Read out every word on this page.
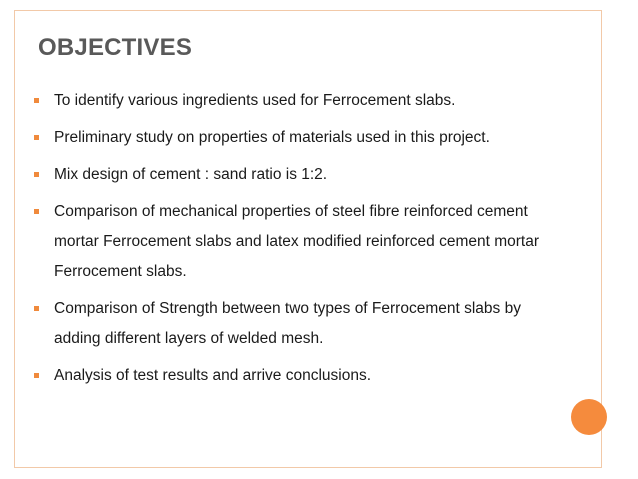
OBJECTIVES
To identify various ingredients used for Ferrocement slabs.
Preliminary study on properties of materials used in this project.
Mix design of cement : sand ratio is 1:2.
Comparison of mechanical properties of steel fibre reinforced cement mortar Ferrocement slabs and latex modified reinforced cement mortar Ferrocement slabs.
Comparison of Strength between two types of Ferrocement slabs by adding different layers of welded mesh.
Analysis of test results and arrive conclusions.
